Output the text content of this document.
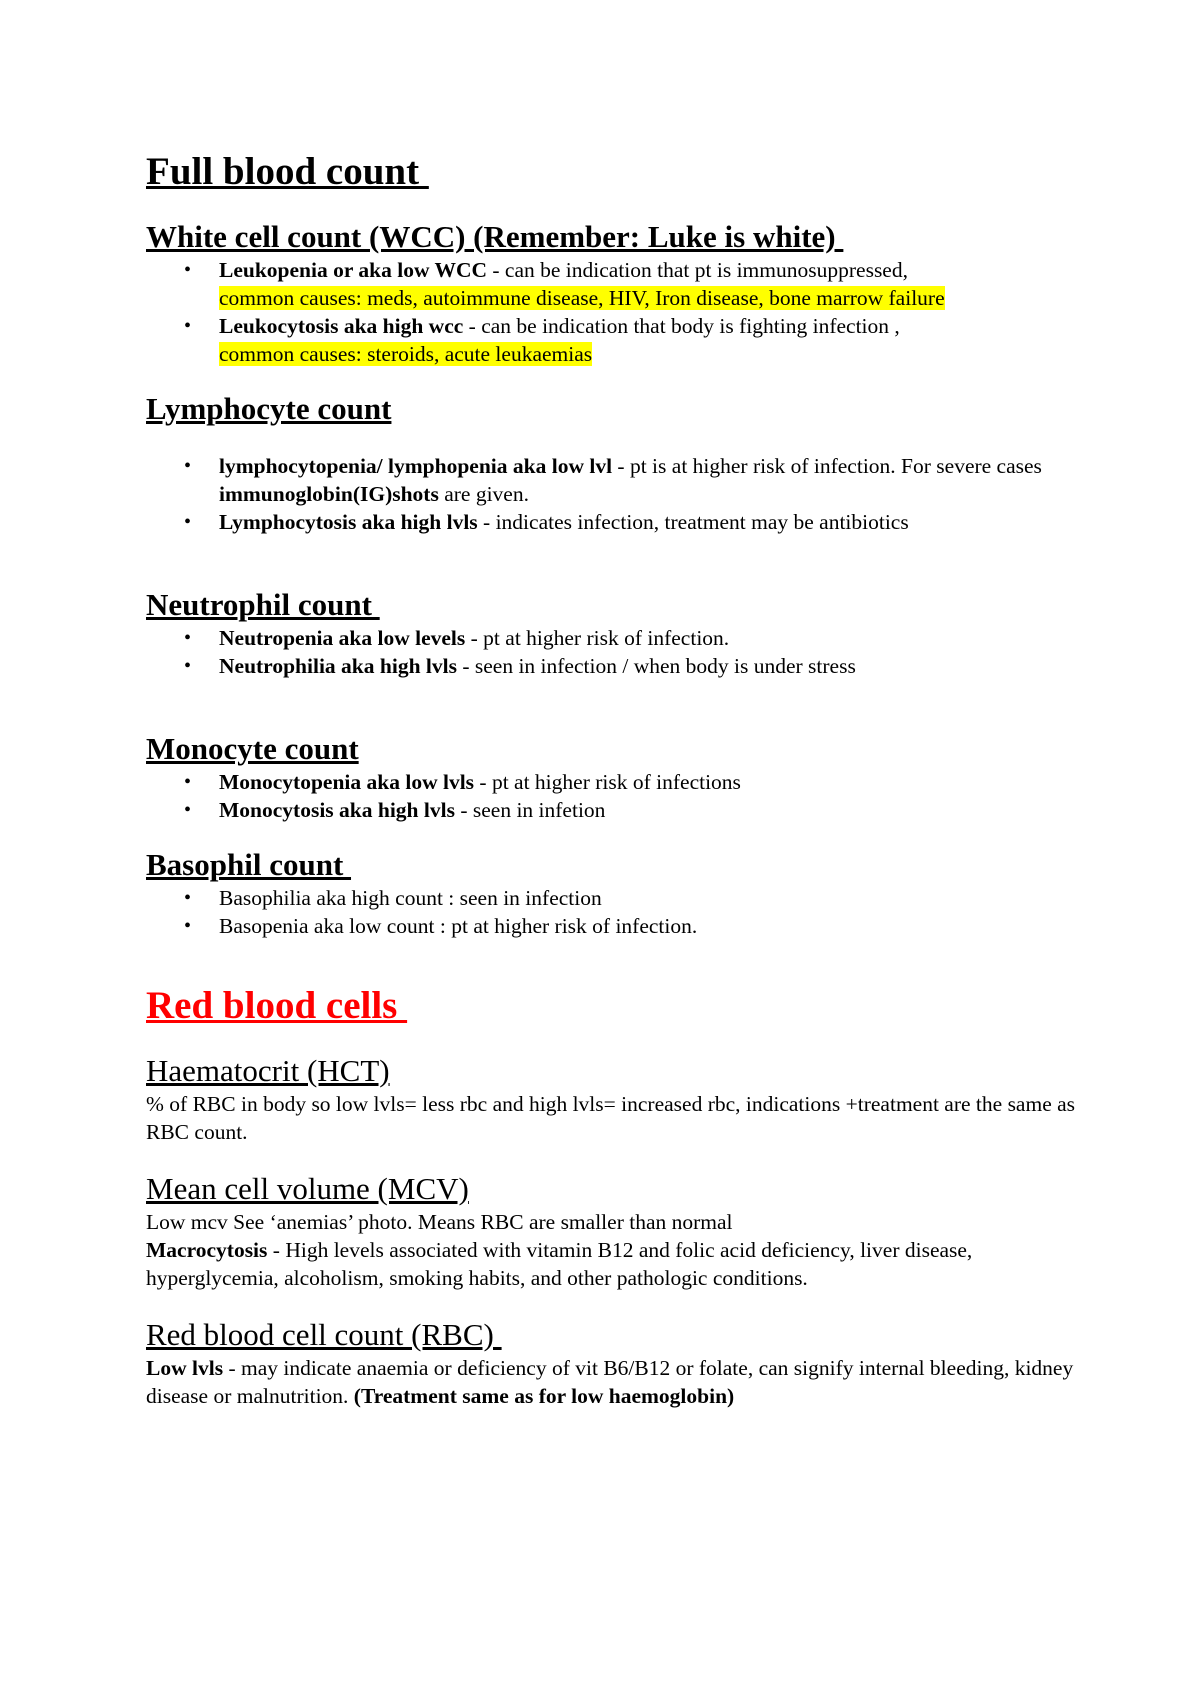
Full blood count
White cell count (WCC) (Remember: Luke is white)
• Leukopenia or aka low WCC - can be indication that pt is immunosuppressed,
common causes: meds, autoimmune disease, HIV, Iron disease, bone marrow failure
• Leukocytosis aka high wcc - can be indication that body is fighting infection ,
common causes: steroids, acute leukaemias
Lymphocyte count
• lymphocytopenia/ lymphopenia aka low lvl - pt is at higher risk of infection. For severe cases immunoglobin(IG)shots are given.
• Lymphocytosis aka high lvls - indicates infection, treatment may be antibiotics
Neutrophil count
• Neutropenia aka low levels - pt at higher risk of infection.
• Neutrophilia aka high lvls - seen in infection / when body is under stress
Monocyte count
• Monocytopenia aka low lvls - pt at higher risk of infections
• Monocytosis aka high lvls - seen in infetion
Basophil count
• Basophilia aka high count : seen in infection
• Basopenia aka low count : pt at higher risk of infection.
Red blood cells
Haematocrit (HCT)

% of RBC in body so low lvls= less rbc and high lvls= increased rbc, indications +treatment are the same as RBC count.

Mean cell volume (MCV)

Low mcv See ‘anemias’ photo. Means RBC are smaller than normal
Macrocytosis - High levels associated with vitamin B12 and folic acid deficiency, liver disease, hyperglycemia, alcoholism, smoking habits, and other pathologic conditions.

Red blood cell count (RBC)

Low lvls - may indicate anaemia or deficiency of vit B6/B12 or folate, can signify internal bleeding, kidney disease or malnutrition. (Treatment same as for low haemoglobin)
